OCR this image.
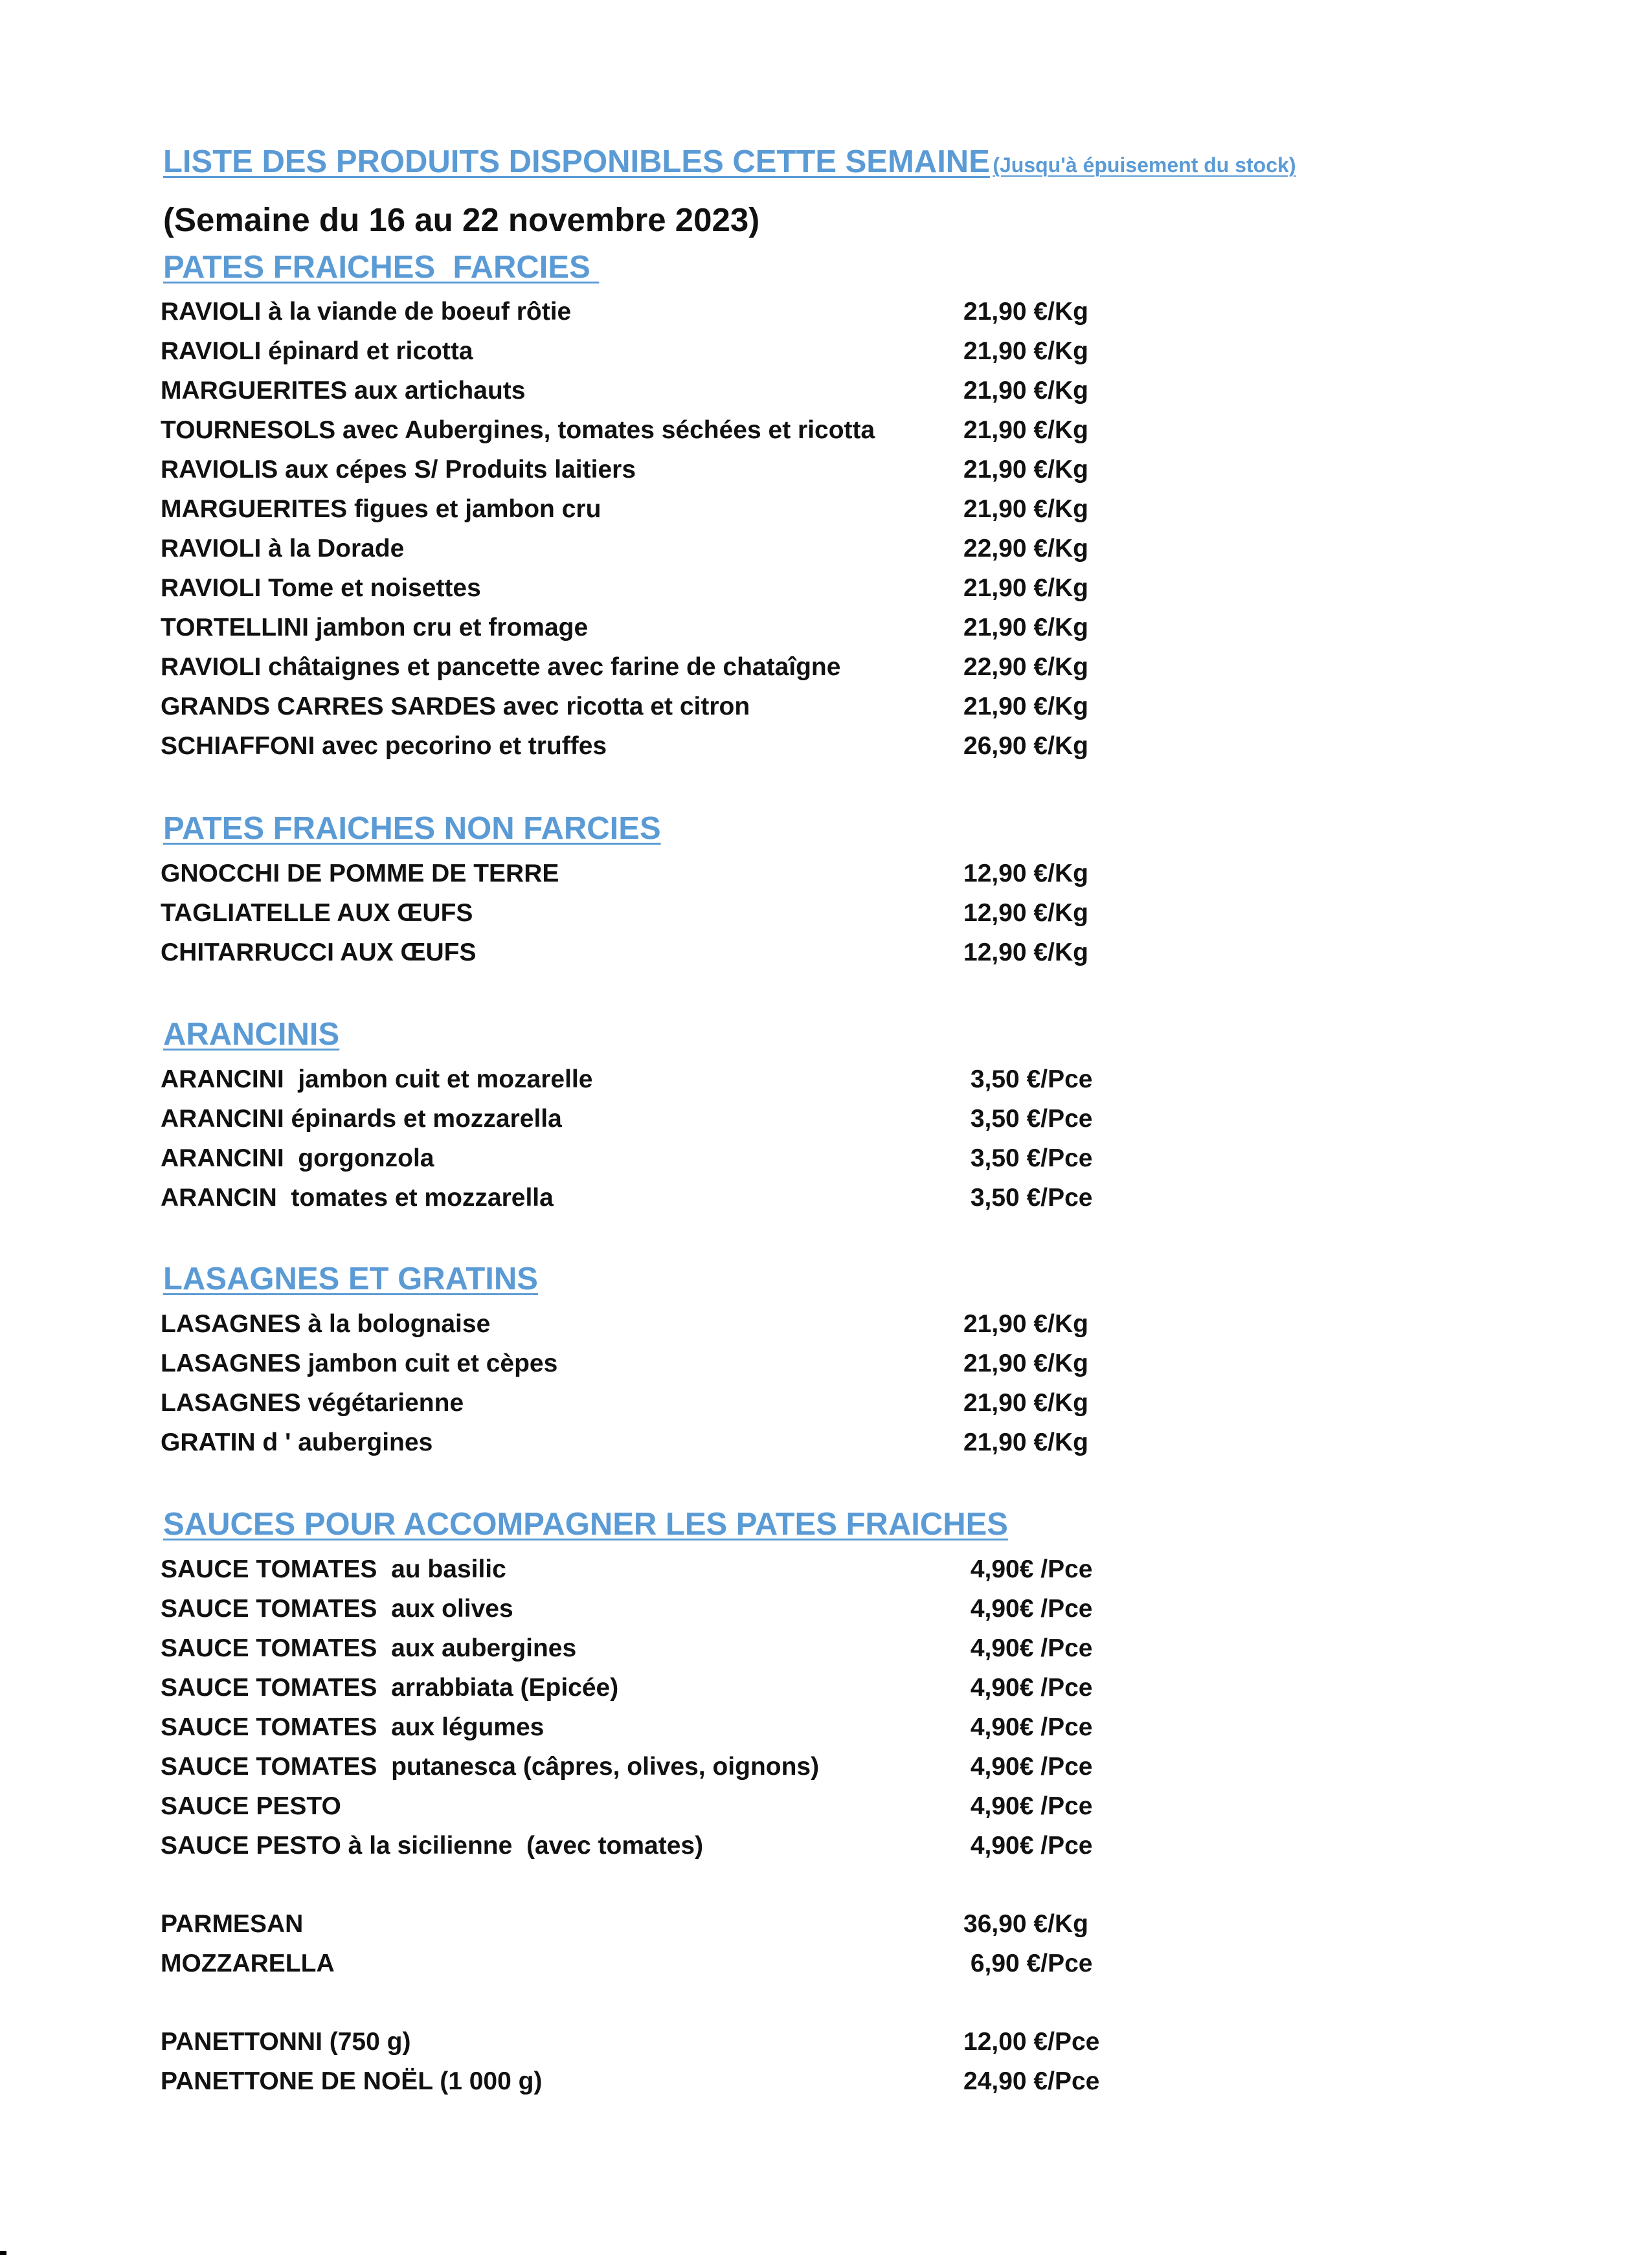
LISTE DES PRODUITS DISPONIBLES CETTE SEMAINE (Jusqu'à épuisement du stock)
(Semaine du 16 au 22 novembre 2023)
PATES FRAICHES  FARCIES
RAVIOLI à la viande de boeuf rôtie	21,90 €/Kg
RAVIOLI épinard et ricotta	21,90 €/Kg
MARGUERITES aux artichauts	21,90 €/Kg
TOURNESOLS avec Aubergines, tomates séchées et ricotta	21,90 €/Kg
RAVIOLIS aux cépes S/ Produits laitiers	21,90 €/Kg
MARGUERITES figues et jambon cru	21,90 €/Kg
RAVIOLI à la Dorade	22,90 €/Kg
RAVIOLI Tome et noisettes	21,90 €/Kg
TORTELLINI jambon cru et fromage	21,90 €/Kg
RAVIOLI châtaignes et pancette avec farine de chataîgne	22,90 €/Kg
GRANDS CARRES SARDES avec ricotta et citron	21,90 €/Kg
SCHIAFFONI avec pecorino et truffes	26,90 €/Kg
PATES FRAICHES NON FARCIES
GNOCCHI DE POMME DE TERRE	12,90 €/Kg
TAGLIATELLE AUX ŒUFS	12,90 €/Kg
CHITARRUCCI AUX ŒUFS	12,90 €/Kg
ARANCINIS
ARANCINI  jambon cuit et mozarelle	3,50 €/Pce
ARANCINI épinards et mozzarella	3,50 €/Pce
ARANCINI  gorgonzola	3,50 €/Pce
ARANCIN  tomates et mozzarella	3,50 €/Pce
LASAGNES ET GRATINS
LASAGNES à la bolognaise	21,90 €/Kg
LASAGNES jambon cuit et cèpes	21,90 €/Kg
LASAGNES végétarienne	21,90 €/Kg
GRATIN d ' aubergines	21,90 €/Kg
SAUCES POUR ACCOMPAGNER LES PATES FRAICHES
SAUCE TOMATES  au basilic	4,90€ /Pce
SAUCE TOMATES  aux olives	4,90€ /Pce
SAUCE TOMATES  aux aubergines	4,90€ /Pce
SAUCE TOMATES  arrabbiata (Epicée)	4,90€ /Pce
SAUCE TOMATES  aux légumes	4,90€ /Pce
SAUCE TOMATES  putanesca (câpres, olives, oignons)	4,90€ /Pce
SAUCE PESTO	4,90€ /Pce
SAUCE PESTO à la sicilienne  (avec tomates)	4,90€ /Pce
PARMESAN	36,90 €/Kg
MOZZARELLA	6,90 €/Pce
PANETTONNI (750 g)	12,00 €/Pce
PANETTONE DE NOËL (1 000 g)	24,90 €/Pce
